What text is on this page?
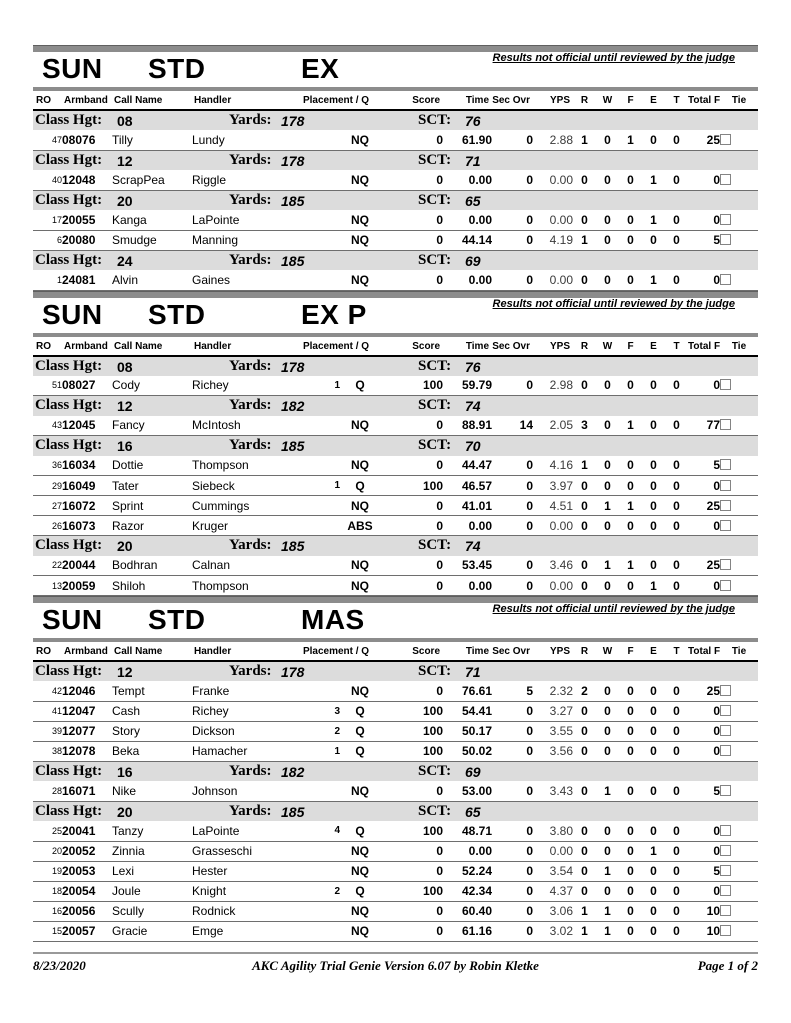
SUN STD	EX	Results not official until reviewed by the judge
RO	Armband	Call Name	Handler	Placement / Q		Score	Time	Sec Ovr	YPS	R	W	F	E	T	Total F	Tie

Class Hgt: 08	Yards: 178	SCT: 76

47	08076	Tilly	Lundy		NQ	0	61.90	0	2.88	1	0	1	0	0	25	

Class Hgt: 12	Yards: 178	SCT: 71

40	12048	ScrapPea	Riggle		NQ	0	0.00	0	0.00	0	0	0	1	0	0	

Class Hgt: 20	Yards: 185	SCT: 65

17	20055	Kanga	LaPointe		NQ	0	0.00	0	0.00	0	0	0	1	0	0	
6	20080	Smudge	Manning		NQ	0	44.14	0	4.19	1	0	0	0	0	5	

Class Hgt: 24	Yards: 185	SCT: 69

1	24081	Alvin	Gaines		NQ	0	0.00	0	0.00	0	0	0	1	0	0	
SUN STD	EX P	Results not official until reviewed by the judge
RO	Armband	Call Name	Handler	Placement / Q		Score	Time	Sec Ovr	YPS	R	W	F	E	T	Total F	Tie

Class Hgt: 08	Yards: 178	SCT: 76

51	08027	Cody	Richey	1	Q	100	59.79	0	2.98	0	0	0	0	0	0	

Class Hgt: 12	Yards: 182	SCT: 74

43	12045	Fancy	McIntosh		NQ	0	88.91	14	2.05	3	0	1	0	0	77	

Class Hgt: 16	Yards: 185	SCT: 70

36	16034	Dottie	Thompson		NQ	0	44.47	0	4.16	1	0	0	0	0	5	
29	16049	Tater	Siebeck	1	Q	100	46.57	0	3.97	0	0	0	0	0	0	
27	16072	Sprint	Cummings		NQ	0	41.01	0	4.51	0	1	1	0	0	25	
26	16073	Razor	Kruger		ABS	0	0.00	0	0.00	0	0	0	0	0	0	

Class Hgt: 20	Yards: 185	SCT: 74

22	20044	Bodhran	Calnan		NQ	0	53.45	0	3.46	0	1	1	0	0	25	
13	20059	Shiloh	Thompson		NQ	0	0.00	0	0.00	0	0	0	1	0	0	
SUN STD	MAS	Results not official until reviewed by the judge
RO	Armband	Call Name	Handler	Placement / Q		Score	Time	Sec Ovr	YPS	R	W	F	E	T	Total F	Tie

Class Hgt: 12	Yards: 178	SCT: 71

42	12046	Tempt	Franke		NQ	0	76.61	5	2.32	2	0	0	0	0	25	
41	12047	Cash	Richey	3	Q	100	54.41	0	3.27	0	0	0	0	0	0	
39	12077	Story	Dickson	2	Q	100	50.17	0	3.55	0	0	0	0	0	0	
38	12078	Beka	Hamacher	1	Q	100	50.02	0	3.56	0	0	0	0	0	0	

Class Hgt: 16	Yards: 182	SCT: 69

28	16071	Nike	Johnson		NQ	0	53.00	0	3.43	0	1	0	0	0	5	

Class Hgt: 20	Yards: 185	SCT: 65

25	20041	Tanzy	LaPointe	4	Q	100	48.71	0	3.80	0	0	0	0	0	0	
20	20052	Zinnia	Grasseschi		NQ	0	0.00	0	0.00	0	0	0	1	0	0	
19	20053	Lexi	Hester		NQ	0	52.24	0	3.54	0	1	0	0	0	5	
18	20054	Joule	Knight	2	Q	100	42.34	0	4.37	0	0	0	0	0	0	
16	20056	Scully	Rodnick		NQ	0	60.40	0	3.06	1	1	0	0	0	10	
15	20057	Gracie	Emge		NQ	0	61.16	0	3.02	1	1	0	0	0	10	
8/23/2020	AKC Agility Trial Genie Version 6.07 by Robin Kletke	Page 1 of 2
